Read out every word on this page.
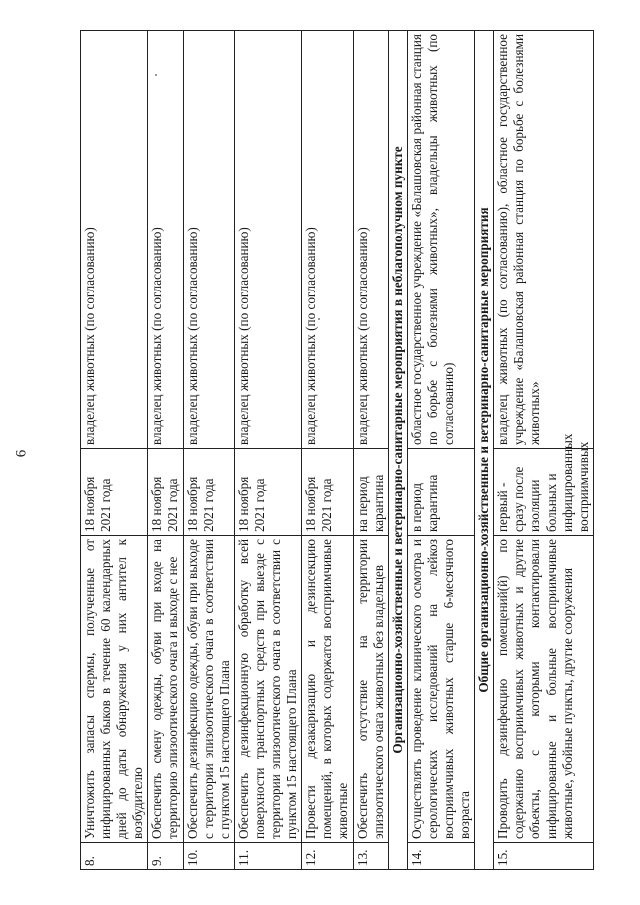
6
8.	Уничтожить запасы спермы, полученные от инфицированных быков в течение 60 календарных дней до даты обнаружения у них антител к возбудителю	18 ноября 2021 года	владелец животных (по согласованию)
9.	Обеспечить смену одежды, обуви при входе на территорию эпизоотического очага и выходе с нее	18 ноября 2021 года	владелец животных (по согласованию)
10.	Обеспечить дезинфекцию одежды, обуви при выходе с территории эпизоотического очага в соответствии с пунктом 15 настоящего Плана	18 ноября 2021 года	владелец животных (по согласованию)
11.	Обеспечить дезинфекционную обработку всей поверхности транспортных средств при выезде с территории эпизоотического очага в соответствии с пунктом 15 настоящего Плана	18 ноября 2021 года	владелец животных (по согласованию)
12.	Провести дезакаризацию и дезинсекцию помещений, в которых содержатся восприимчивые животные	18 ноября 2021 года	владелец животных (по согласованию)
13.	Обеспечить отсутствие на территории эпизоотического очага животных без владельцев	на период карантина	владелец животных (по согласованию)
Организационно-хозяйственные и ветеринарно-санитарные мероприятия в неблагополучном пункте			
14.	Осуществлять проведение клинического осмотра и серологических исследований на лейкоз восприимчивых животных старше 6-месячного возраста	в период карантина	областное государственное учреждение «Балашовская районная станция по борьбе с болезнями животных», владельцы животных (по согласованию)
Общие организационно-хозяйственные и ветеринарно-санитарные мероприятия			
15.	Проводить дезинфекцию помещений(й) по содержанию восприимчивых животных и другие объекты, с которыми контактировали инфицированные и больные восприимчивые животные, убойные пункты, другие сооружения	первый - сразу после изоляции больных и инфицированных восприимчивых	владелец животных (по согласованию), областное государственное учреждение «Балашовская районная станция по борьбе с болезнями животных»
